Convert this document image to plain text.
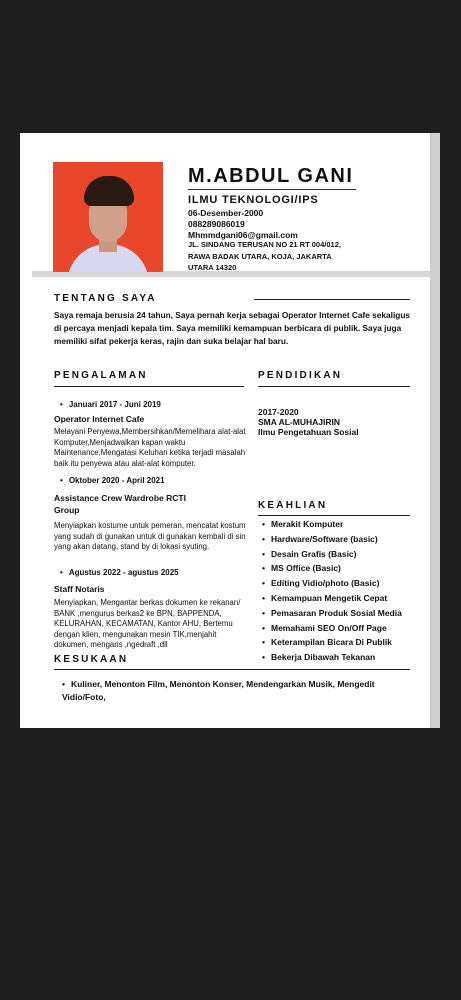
M.ABDUL GANI
ILMU TEKNOLOGI/IPS
06-Desember-2000
088289086019
Mhmmdgani06@gmail.com
JL. SINDANG TERUSAN NO 21 RT 004/012, RAWA BADAK UTARA, KOJA, JAKARTA UTARA 14320
TENTANG SAYA
Saya remaja berusia 24 tahun, Saya pernah kerja sebagai Operator Internet Cafe sekaligus di percaya menjadi kepala tim. Saya memiliki kemampuan berbicara di publik. Saya juga memiliki sifat pekerja keras, rajin dan suka belajar hal baru.
PENGALAMAN
• Januari 2017 - Juni 2019
Operator Internet Cafe
Melayani Penyewa,Membersihkan/Memelihara alat-alat Komputer,Menjadwalkan kapan waktu Maintenance,Mengatasi Keluhan ketika terjadi masalah baik itu penyewa atau alat-alat komputer.
• Oktober 2020 - April 2021
Assistance Crew Wardrobe RCTI Group
Menyiapkan kostume untuk pemeran, mencatat kostum yang sudah di gunakan untuk di gunakan kembali di sin yang akan datang, stand by di lokasi syuting.
• Agustus 2022 - agustus 2025
Staff Notaris
Menyiapkan, Mengantar berkas dokumen ke rekanan/ BANK ,mengurus berkas2 ke BPN, BAPPENDA, KELURAHAN, KECAMATAN, Kantor AHU, Bertemu dengan klien, mengunakan mesin TIK,menjahit dokumen, mengaris ,ngedraft ,dll
PENDIDIKAN
2017-2020
SMA AL-MUHAJIRIN
Ilmu Pengetahuan Sosial
KEAHLIAN
• Merakit Komputer
• Hardware/Software (basic)
• Desain Grafis (Basic)
• MS Office (Basic)
• Editing Vidio/photo (Basic)
• Kemampuan Mengetik Cepat
• Pemasaran Produk Sosial Media
• Memahami SEO On/Off Page
• Keterampilan Bicara Di Publik
• Bekerja Dibawah Tekanan
KESUKAAN
• Kuliner, Menonton Film, Menonton Konser, Mendengarkan Musik, Mengedit Vidio/Foto,
